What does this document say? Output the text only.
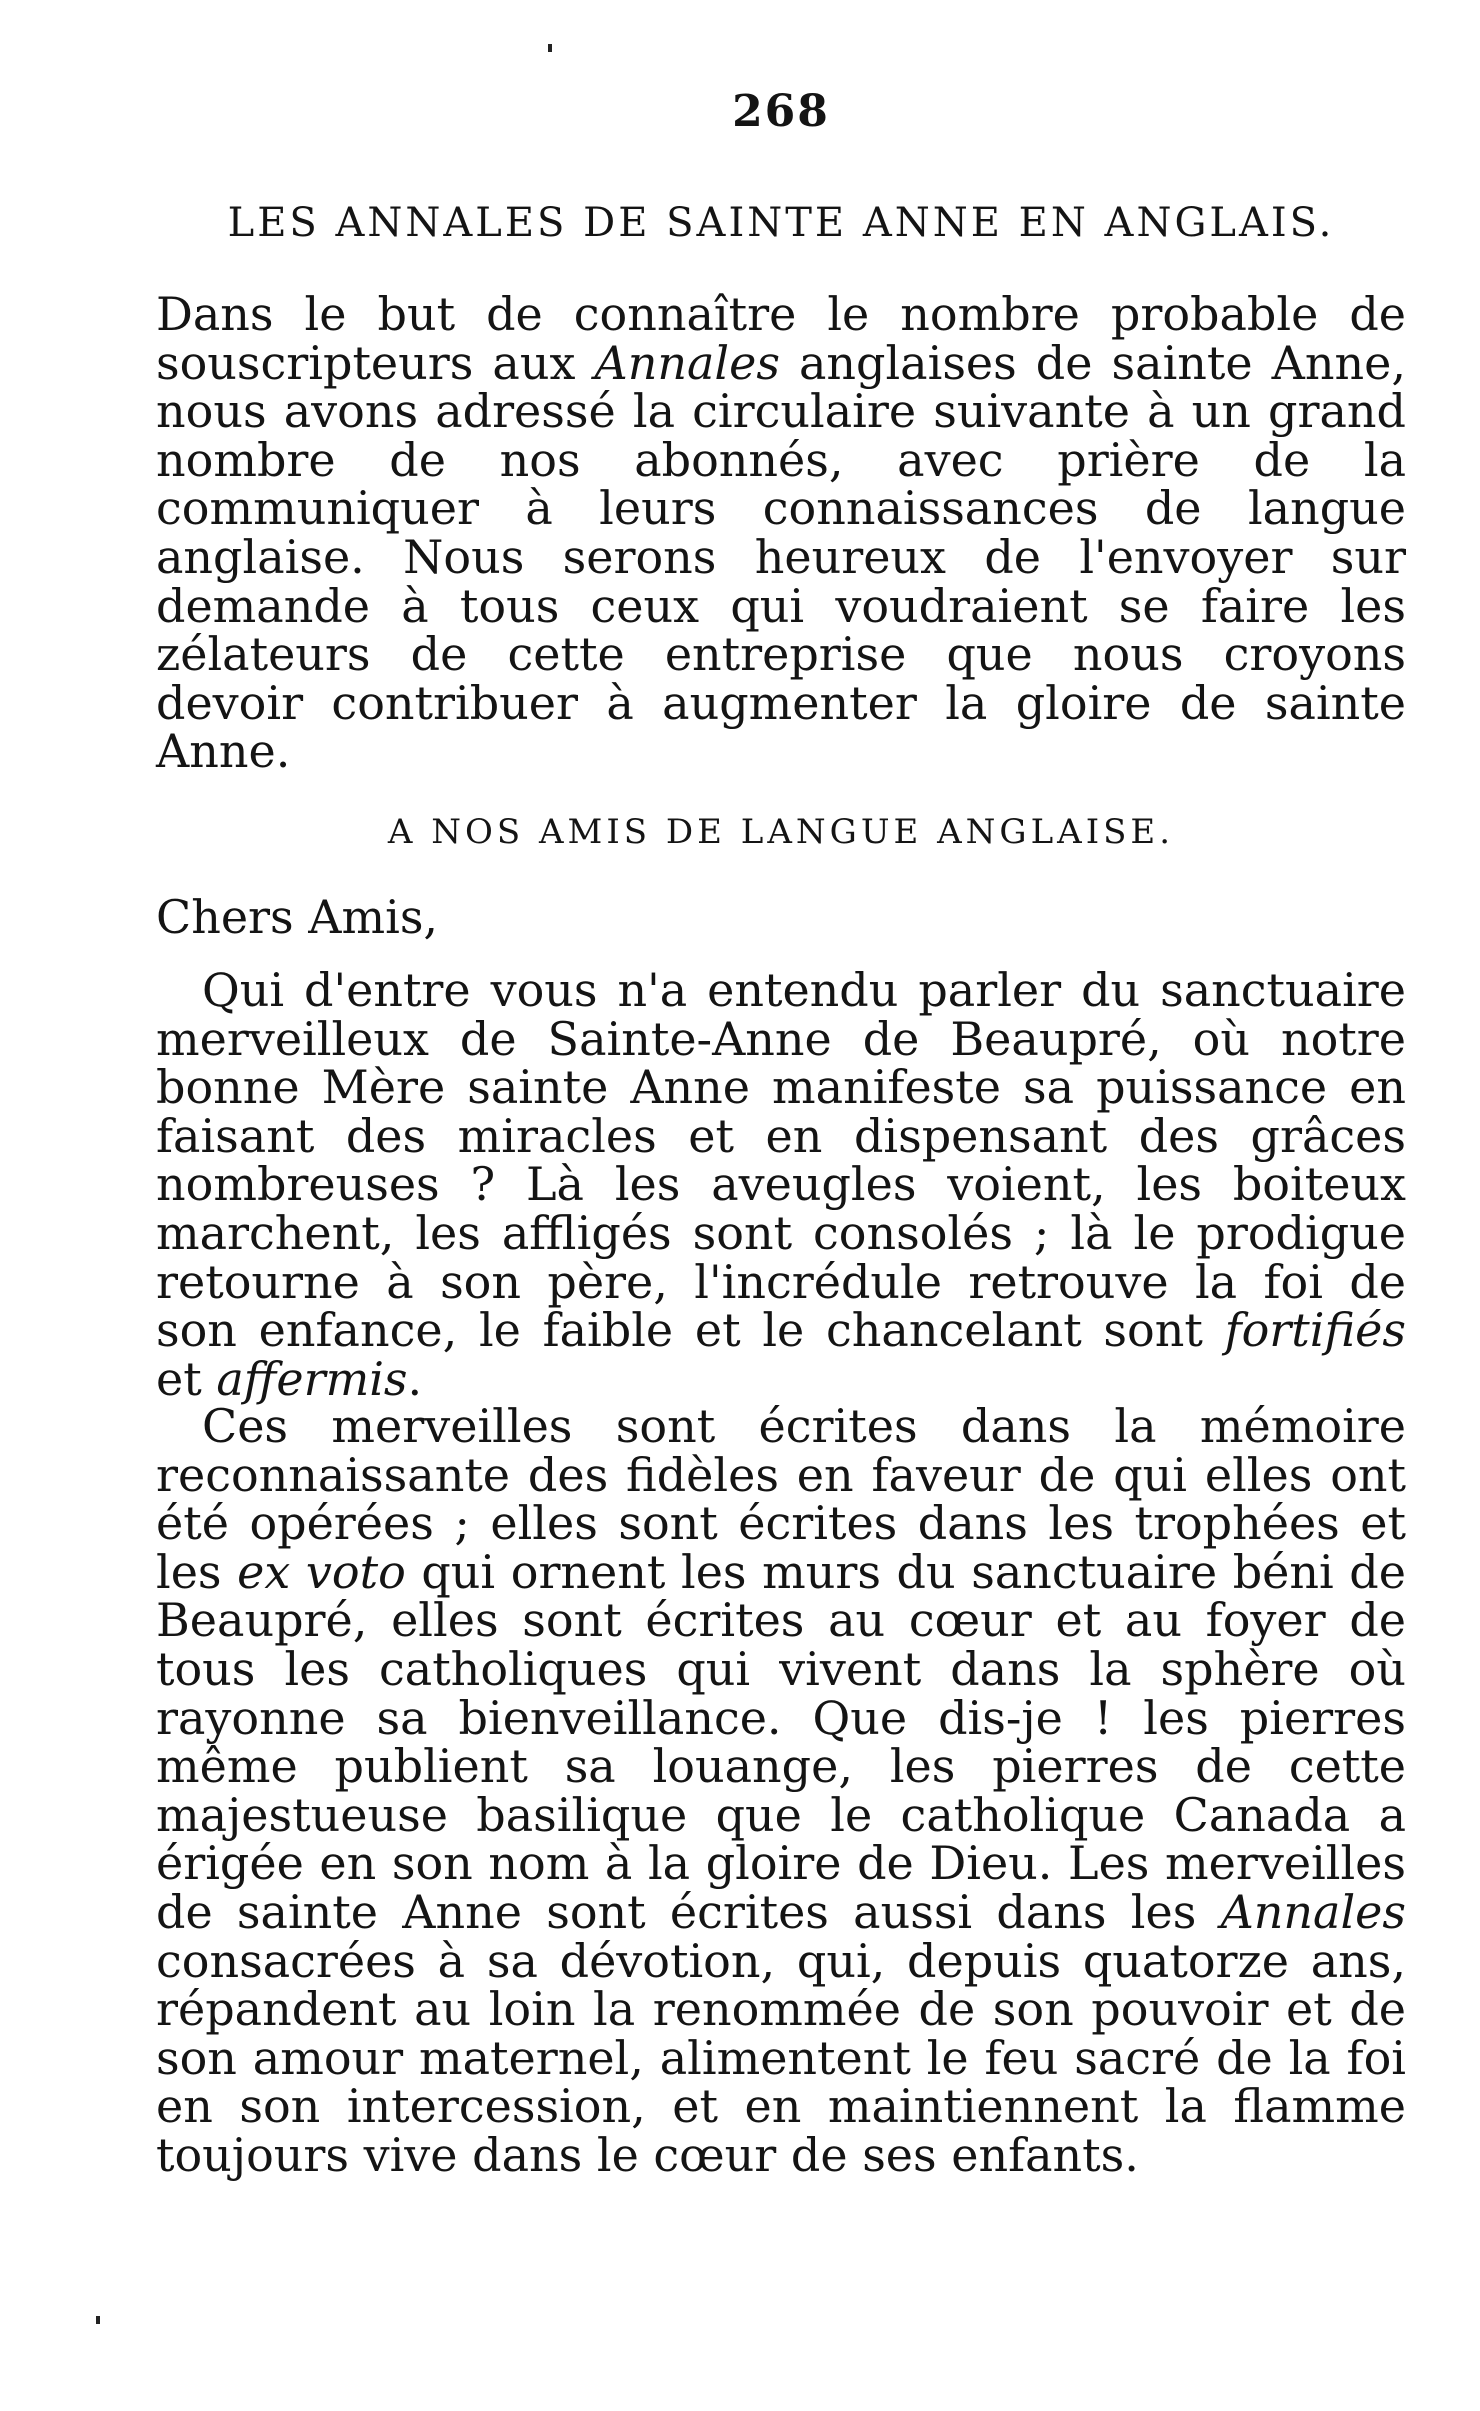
268
LES ANNALES DE SAINTE ANNE EN ANGLAIS.

Dans le but de connaître le nombre probable de souscripteurs aux Annales anglaises de sainte Anne, nous avons adressé la circulaire suivante à un grand nombre de nos abonnés, avec prière de la communiquer à leurs connaissances de langue anglaise. Nous serons heureux de l'envoyer sur demande à tous ceux qui voudraient se faire les zélateurs de cette entreprise que nous croyons devoir contribuer à augmenter la gloire de sainte Anne.

A NOS AMIS DE LANGUE ANGLAISE.
Chers Amis,

Qui d'entre vous n'a entendu parler du sanctuaire merveilleux de Sainte-Anne de Beaupré, où notre bonne Mère sainte Anne manifeste sa puissance en faisant des miracles et en dispensant des grâces nombreuses ? Là les aveugles voient, les boiteux marchent, les affligés sont consolés ; là le prodigue retourne à son père, l'incrédule retrouve la foi de son enfance, le faible et le chancelant sont fortifiés et affermis.

Ces merveilles sont écrites dans la mémoire reconnaissante des fidèles en faveur de qui elles ont été opérées ; elles sont écrites dans les trophées et les ex voto qui ornent les murs du sanctuaire béni de Beaupré, elles sont écrites au cœur et au foyer de tous les catholiques qui vivent dans la sphère où rayonne sa bienveillance. Que dis-je ! les pierres même publient sa louange, les pierres de cette majestueuse basilique que le catholique Canada a érigée en son nom à la gloire de Dieu. Les merveilles de sainte Anne sont écrites aussi dans les Annales consacrées à sa dévotion, qui, depuis quatorze ans, répandent au loin la renommée de son pouvoir et de son amour maternel, alimentent le feu sacré de la foi en son intercession, et en maintiennent la flamme toujours vive dans le cœur de ses enfants.
